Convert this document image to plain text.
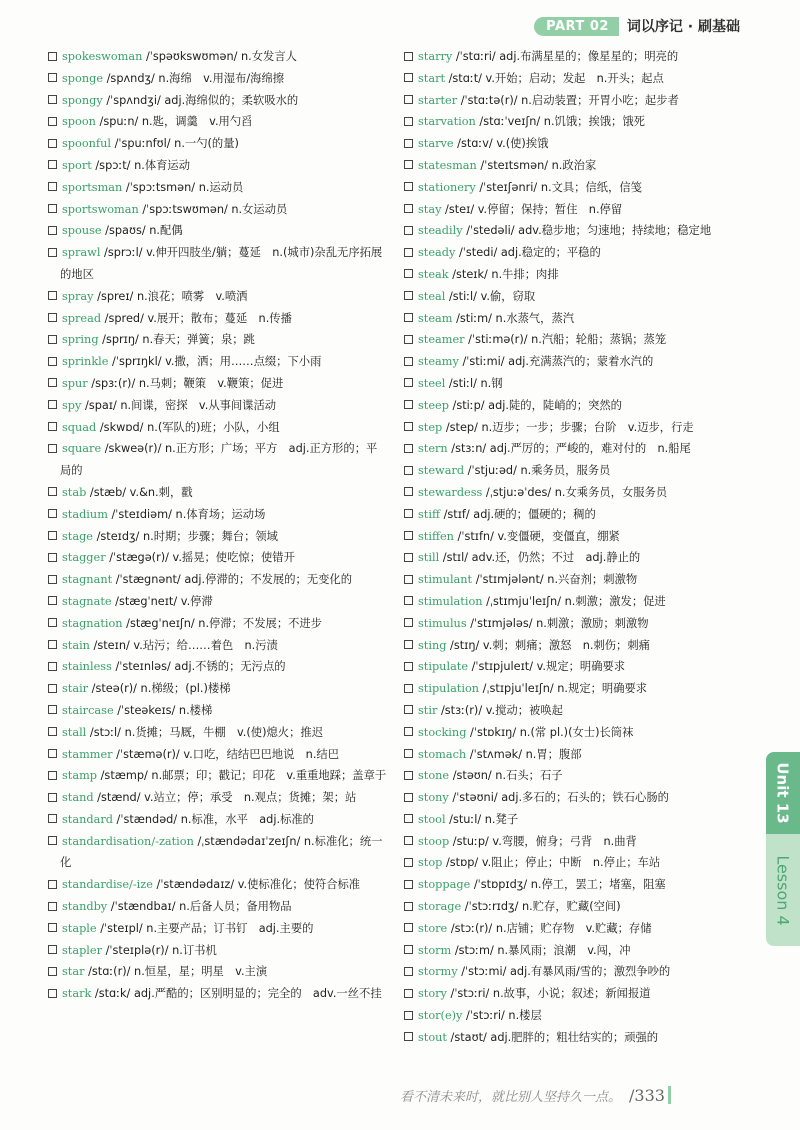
PART 02	词以序记 · 刷基础
spokeswoman /ˈspəʊkswʊmən/ n.女发言人
sponge /spʌndʒ/ n.海绵　v.用湿布/海绵擦
spongy /ˈspʌndʒi/ adj.海绵似的；柔软吸水的
spoon /spuːn/ n.匙，调羹　v.用勺舀
spoonful /ˈspuːnfʊl/ n.一勺(的量)
sport /spɔːt/ n.体育运动
sportsman /ˈspɔːtsmən/ n.运动员
sportswoman /ˈspɔːtswʊmən/ n.女运动员
spouse /spaʊs/ n.配偶
sprawl /sprɔːl/ v.伸开四肢坐/躺；蔓延　n.(城市)杂乱无序拓展的地区
spray /spreɪ/ n.浪花；喷雾　v.喷洒
spread /spred/ v.展开；散布；蔓延　n.传播
spring /sprɪŋ/ n.春天；弹簧；泉；跳
sprinkle /ˈsprɪŋkl/ v.撒，洒；用……点缀；下小雨
spur /spɜː(r)/ n.马刺；鞭策　v.鞭策；促进
spy /spaɪ/ n.间谍，密探　v.从事间谍活动
squad /skwɒd/ n.(军队的)班；小队，小组
square /skweə(r)/ n.正方形；广场；平方　adj.正方形的；平局的
stab /stæb/ v.&n.刺，戳
stadium /ˈsteɪdiəm/ n.体育场；运动场
stage /steɪdʒ/ n.时期；步骤；舞台；领域
stagger /ˈstægə(r)/ v.摇晃；使吃惊；使错开
stagnant /ˈstægnənt/ adj.停滞的；不发展的；无变化的
stagnate /stægˈneɪt/ v.停滞
stagnation /stægˈneɪʃn/ n.停滞；不发展；不进步
stain /steɪn/ v.玷污；给……着色　n.污渍
stainless /ˈsteɪnləs/ adj.不锈的；无污点的
stair /steə(r)/ n.梯级；(pl.)楼梯
staircase /ˈsteəkeɪs/ n.楼梯
stall /stɔːl/ n.货摊；马厩，牛棚　v.(使)熄火；推迟
stammer /ˈstæmə(r)/ v.口吃，结结巴巴地说　n.结巴
stamp /stæmp/ n.邮票；印；戳记；印花　v.重重地踩；盖章于
stand /stænd/ v.站立；停；承受　n.观点；货摊；架；站
standard /ˈstændəd/ n.标准，水平　adj.标准的
standardisation/-zation /ˌstændədaɪˈzeɪʃn/ n.标准化；统一化
standardise/-ize /ˈstændədaɪz/ v.使标准化；使符合标准
standby /ˈstændbaɪ/ n.后备人员；备用物品
staple /ˈsteɪpl/ n.主要产品；订书钉　adj.主要的
stapler /ˈsteɪplə(r)/ n.订书机
star /stɑː(r)/ n.恒星，星；明星　v.主演
stark /stɑːk/ adj.严酷的；区别明显的；完全的　adv.一丝不挂
starry /ˈstɑːri/ adj.布满星星的；像星星的；明亮的
start /stɑːt/ v.开始；启动；发起　n.开头；起点
starter /ˈstɑːtə(r)/ n.启动装置；开胃小吃；起步者
starvation /stɑːˈveɪʃn/ n.饥饿；挨饿；饿死
starve /stɑːv/ v.(使)挨饿
statesman /ˈsteɪtsmən/ n.政治家
stationery /ˈsteɪʃənri/ n.文具；信纸，信笺
stay /steɪ/ v.停留；保持；暂住　n.停留
steadily /ˈstedəli/ adv.稳步地；匀速地；持续地；稳定地
steady /ˈstedi/ adj.稳定的；平稳的
steak /steɪk/ n.牛排；肉排
steal /stiːl/ v.偷，窃取
steam /stiːm/ n.水蒸气，蒸汽
steamer /ˈstiːmə(r)/ n.汽船；轮船；蒸锅；蒸笼
steamy /ˈstiːmi/ adj.充满蒸汽的；蒙着水汽的
steel /stiːl/ n.钢
steep /stiːp/ adj.陡的，陡峭的；突然的
step /step/ n.迈步；一步；步骤；台阶　v.迈步，行走
stern /stɜːn/ adj.严厉的；严峻的，难对付的　n.船尾
steward /ˈstjuːəd/ n.乘务员，服务员
stewardess /ˌstjuːəˈdes/ n.女乘务员，女服务员
stiff /stɪf/ adj.硬的；僵硬的；稠的
stiffen /ˈstɪfn/ v.变僵硬，变僵直，绷紧
still /stɪl/ adv.还，仍然；不过　adj.静止的
stimulant /ˈstɪmjələnt/ n.兴奋剂；刺激物
stimulation /ˌstɪmjuˈleɪʃn/ n.刺激；激发；促进
stimulus /ˈstɪmjələs/ n.刺激；激励；刺激物
sting /stɪŋ/ v.刺；刺痛；激怒　n.刺伤；刺痛
stipulate /ˈstɪpjuleɪt/ v.规定；明确要求
stipulation /ˌstɪpjuˈleɪʃn/ n.规定；明确要求
stir /stɜː(r)/ v.搅动；被唤起
stocking /ˈstɒkɪŋ/ n.(常 pl.)(女士)长筒袜
stomach /ˈstʌmək/ n.胃；腹部
stone /stəʊn/ n.石头；石子
stony /ˈstəʊni/ adj.多石的；石头的；铁石心肠的
stool /stuːl/ n.凳子
stoop /stuːp/ v.弯腰，俯身；弓背　n.曲背
stop /stɒp/ v.阻止；停止；中断　n.停止；车站
stoppage /ˈstɒpɪdʒ/ n.停工，罢工；堵塞，阻塞
storage /ˈstɔːrɪdʒ/ n.贮存，贮藏(空间)
store /stɔː(r)/ n.店铺；贮存物　v.贮藏；存储
storm /stɔːm/ n.暴风雨；浪潮　v.闯，冲
stormy /ˈstɔːmi/ adj.有暴风雨/雪的；激烈争吵的
story /ˈstɔːri/ n.故事，小说；叙述；新闻报道
stor(e)y /ˈstɔːri/ n.楼层
stout /staʊt/ adj.肥胖的；粗壮结实的；顽强的
Unit 13
Lesson 4
看不清未来时，就比别人坚持久一点。 /333
